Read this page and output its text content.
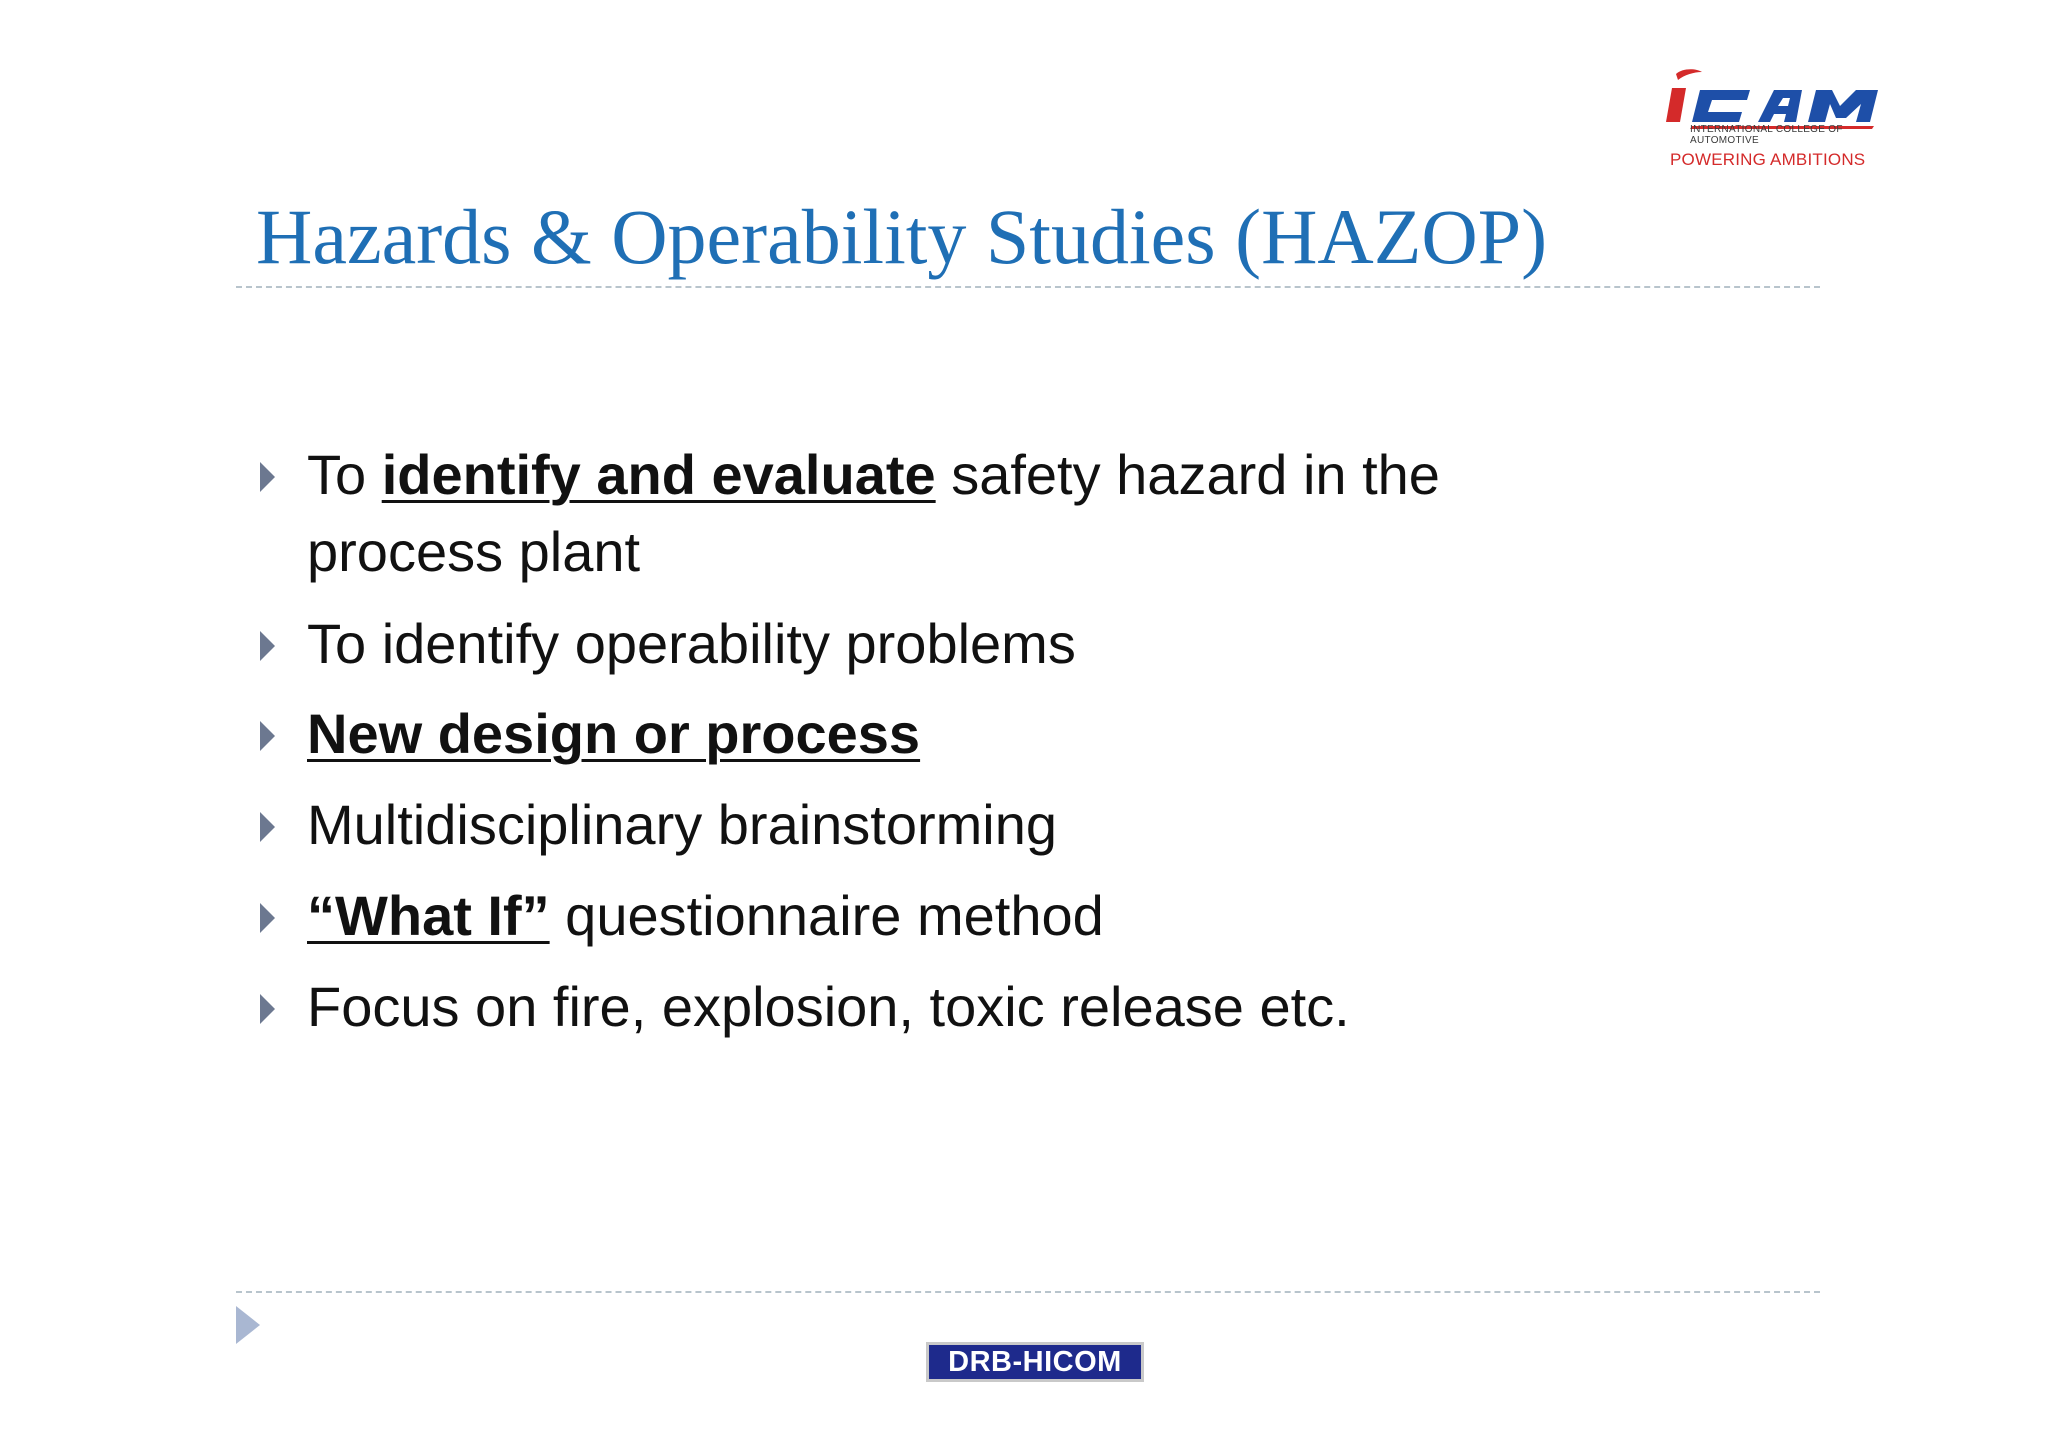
INTERNATIONAL COLLEGE OF AUTOMOTIVE
POWERING AMBITIONS
Hazards & Operability Studies (HAZOP)
To identify and evaluate safety hazard in the process plant
To identify operability problems
New design or process
Multidisciplinary brainstorming
“What If” questionnaire method
Focus on fire, explosion, toxic release etc.
DRB-HICOM
